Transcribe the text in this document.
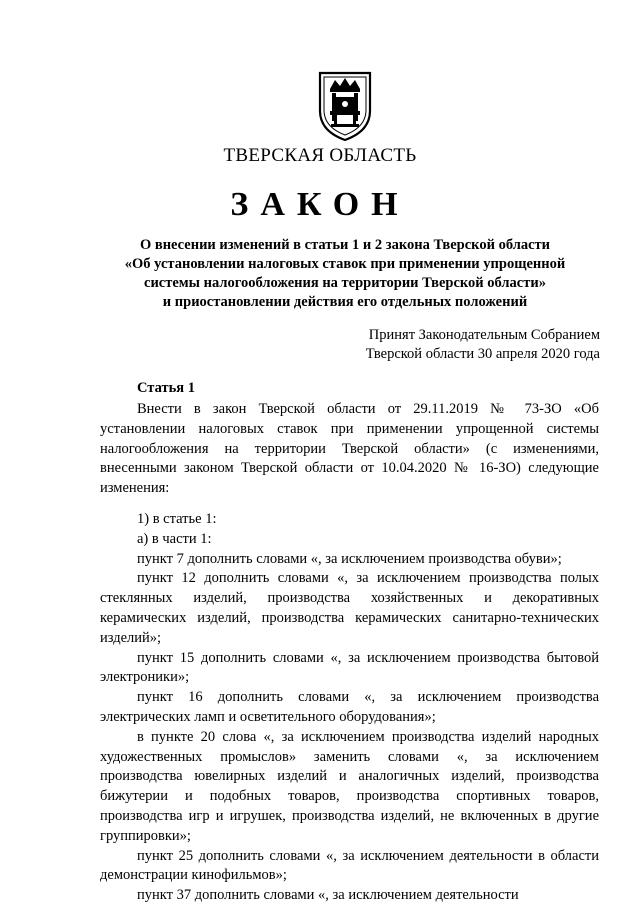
ТВЕРСКАЯ ОБЛАСТЬ
ЗАКОН
О внесении изменений в статьи 1 и 2 закона Тверской области
«Об установлении налоговых ставок при применении упрощенной
системы налогообложения на территории Тверской области»
и приостановлении действия его отдельных положений
Принят Законодательным Собранием
Тверской области 30 апреля 2020 года
Статья 1

Внести в закон Тверской области от 29.11.2019 № 73-ЗО «Об установлении налоговых ставок при применении упрощенной системы налогообложения на территории Тверской области» (с изменениями, внесенными законом Тверской области от 10.04.2020 № 16-ЗО) следующие изменения:

1) в статье 1:

а) в части 1:

пункт 7 дополнить словами «, за исключением производства обуви»;

пункт 12 дополнить словами «, за исключением производства полых стеклянных изделий, производства хозяйственных и декоративных керамических изделий, производства керамических санитарно-технических изделий»;

пункт 15 дополнить словами «, за исключением производства бытовой электроники»;

пункт 16 дополнить словами «, за исключением производства электрических ламп и осветительного оборудования»;

в пункте 20 слова «, за исключением производства изделий народных художественных промыслов» заменить словами «, за исключением производства ювелирных изделий и аналогичных изделий, производства бижутерии и подобных товаров, производства спортивных товаров, производства игр и игрушек, производства изделий, не включенных в другие группировки»;

пункт 25 дополнить словами «, за исключением деятельности в области демонстрации кинофильмов»;

пункт 37 дополнить словами «, за исключением деятельности
